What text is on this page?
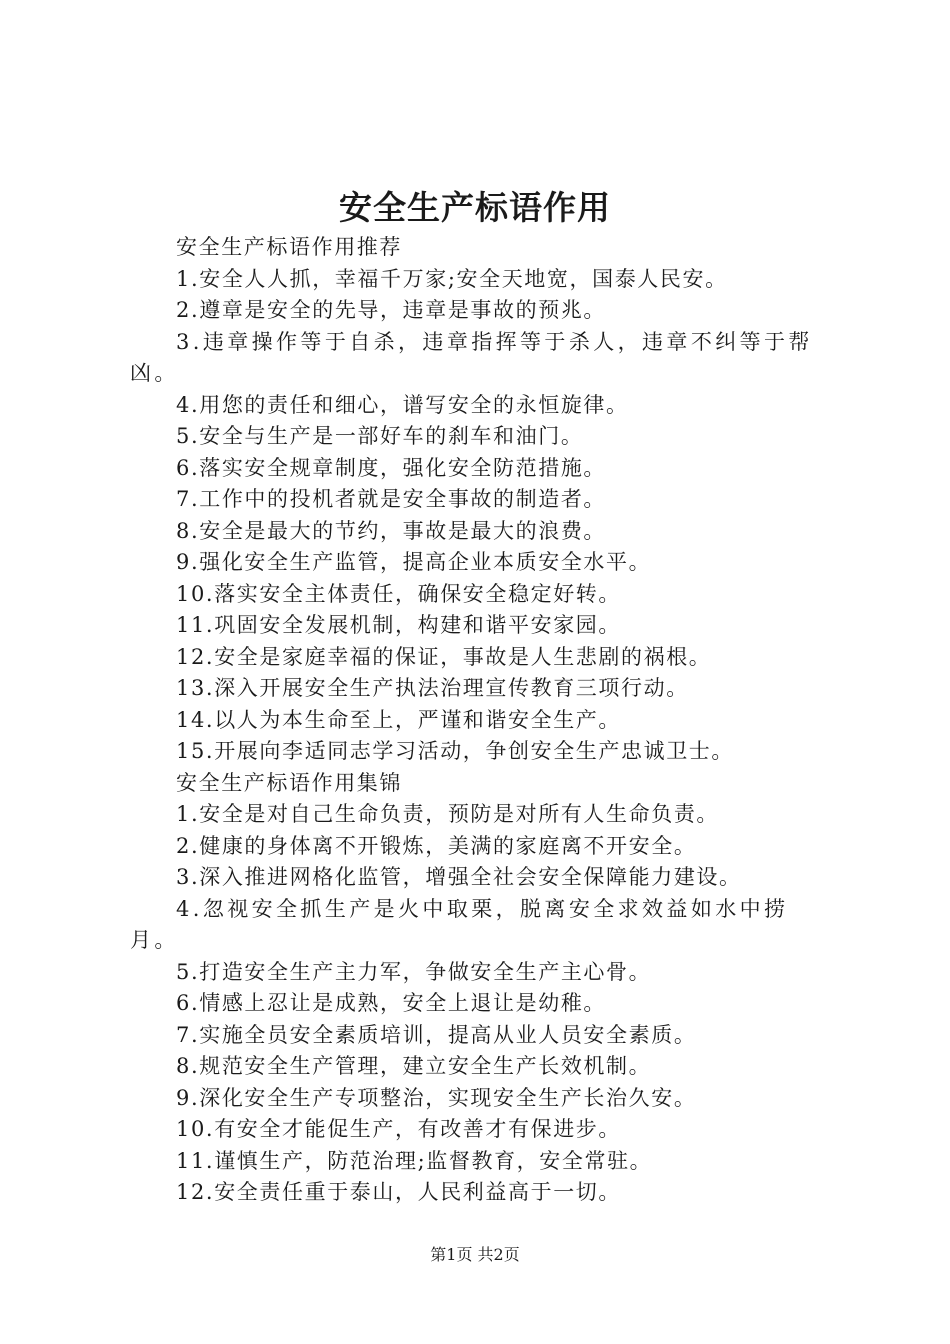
安全生产标语作用
安全生产标语作用推荐
1.安全人人抓，幸福千万家;安全天地宽，国泰人民安。
2.遵章是安全的先导，违章是事故的预兆。
3.违章操作等于自杀，违章指挥等于杀人，违章不纠等于帮凶。
4.用您的责任和细心，谱写安全的永恒旋律。
5.安全与生产是一部好车的刹车和油门。
6.落实安全规章制度，强化安全防范措施。
7.工作中的投机者就是安全事故的制造者。
8.安全是最大的节约，事故是最大的浪费。
9.强化安全生产监管，提高企业本质安全水平。
10.落实安全主体责任，确保安全稳定好转。
11.巩固安全发展机制，构建和谐平安家园。
12.安全是家庭幸福的保证，事故是人生悲剧的祸根。
13.深入开展安全生产执法治理宣传教育三项行动。
14.以人为本生命至上，严谨和谐安全生产。
15.开展向李适同志学习活动，争创安全生产忠诚卫士。
安全生产标语作用集锦
1.安全是对自己生命负责，预防是对所有人生命负责。
2.健康的身体离不开锻炼，美满的家庭离不开安全。
3.深入推进网格化监管，增强全社会安全保障能力建设。
4.忽视安全抓生产是火中取栗，脱离安全求效益如水中捞月。
5.打造安全生产主力军，争做安全生产主心骨。
6.情感上忍让是成熟，安全上退让是幼稚。
7.实施全员安全素质培训，提高从业人员安全素质。
8.规范安全生产管理，建立安全生产长效机制。
9.深化安全生产专项整治，实现安全生产长治久安。
10.有安全才能促生产，有改善才有保进步。
11.谨慎生产，防范治理;监督教育，安全常驻。
12.安全责任重于泰山，人民利益高于一切。
第1页 共2页
